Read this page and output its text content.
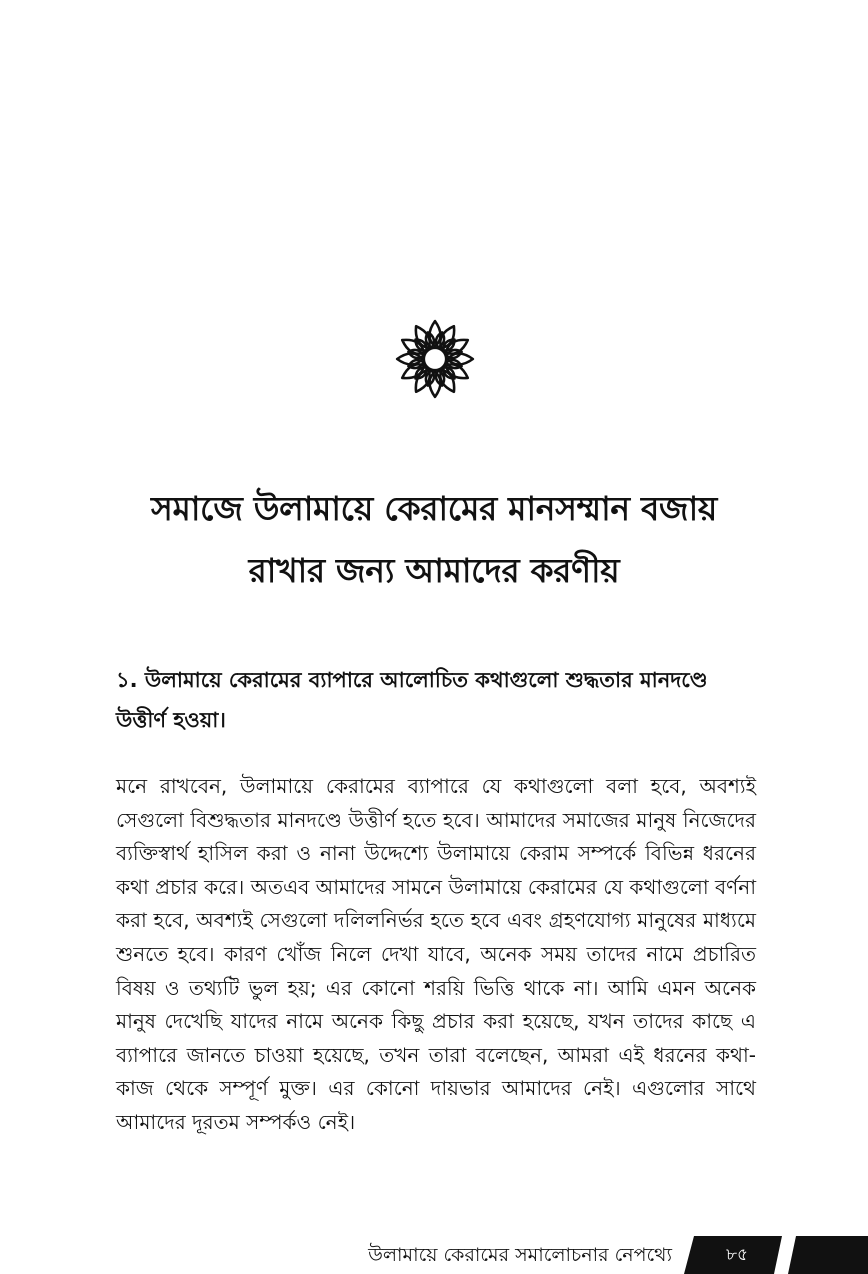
সমাজে উলামায়ে কেরামের মানসম্মান বজায়
রাখার জন্য আমাদের করণীয়
১. উলামায়ে কেরামের ব্যাপারে আলোচিত কথাগুলো শুদ্ধতার মানদণ্ডে উত্তীর্ণ হওয়া।

মনে রাখবেন, উলামায়ে কেরামের ব্যাপারে যে কথাগুলো বলা হবে, অবশ্যই সেগুলো বিশুদ্ধতার মানদণ্ডে উত্তীর্ণ হতে হবে। আমাদের সমাজের মানুষ নিজেদের ব্যক্তিস্বার্থ হাসিল করা ও নানা উদ্দেশ্যে উলামায়ে কেরাম সম্পর্কে বিভিন্ন ধরনের কথা প্রচার করে। অতএব আমাদের সামনে উলামায়ে কেরামের যে কথাগুলো বর্ণনা করা হবে, অবশ্যই সেগুলো দলিলনির্ভর হতে হবে এবং গ্রহণযোগ্য মানুষের মাধ্যমে শুনতে হবে। কারণ খোঁজ নিলে দেখা যাবে, অনেক সময় তাদের নামে প্রচারিত বিষয় ও তথ্যটি ভুল হয়; এর কোনো শরয়ি ভিত্তি থাকে না। আমি এমন অনেক মানুষ দেখেছি যাদের নামে অনেক কিছু প্রচার করা হয়েছে, যখন তাদের কাছে এ ব্যাপারে জানতে চাওয়া হয়েছে, তখন তারা বলেছেন, আমরা এই ধরনের কথা-কাজ থেকে সম্পূর্ণ মুক্ত। এর কোনো দায়ভার আমাদের নেই। এগুলোর সাথে আমাদের দূরতম সম্পর্কও নেই।

উলামায়ে কেরামের সমালোচনার নেপথ্যে	৮৫
